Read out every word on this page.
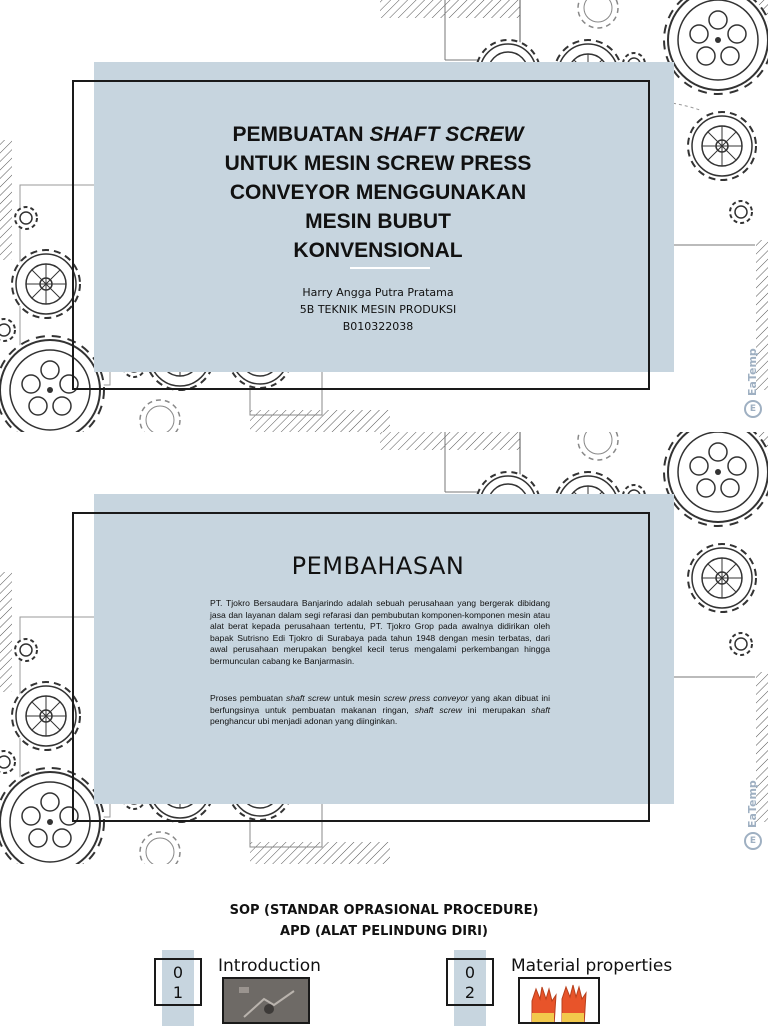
PEMBUATAN SHAFT SCREW
UNTUK MESIN SCREW PRESS
CONVEYOR MENGGUNAKAN
MESIN BUBUT
KONVENSIONAL
Harry Angga Putra Pratama
5B TEKNIK MESIN PRODUKSI
B010322038
EaTemp
E
PEMBAHASAN

PT. Tjokro Bersaudara Banjarindo adalah sebuah perusahaan yang bergerak dibidang jasa dan layanan dalam segi refarasi dan pembubutan komponen-komponen mesin atau alat berat kepada perusahaan tertentu, PT. Tjokro Grop pada awalnya didirikan oleh bapak Sutrisno Edi Tjokro di Surabaya pada tahun 1948 dengan mesin terbatas, dari awal perusahaan merupakan bengkel kecil terus mengalami perkembangan hingga bermunculan cabang ke Banjarmasin.

Proses pembuatan shaft screw untuk mesin screw press conveyor yang akan dibuat ini berfungsinya untuk pembuatan makanan ringan, shaft screw ini merupakan shaft penghancur ubi menjadi adonan yang diinginkan.

EaTemp
E
SOP (STANDAR OPRASIONAL PROCEDURE)
APD (ALAT PELINDUNG DIRI)
0
1
Introduction	0
2
Material properties
